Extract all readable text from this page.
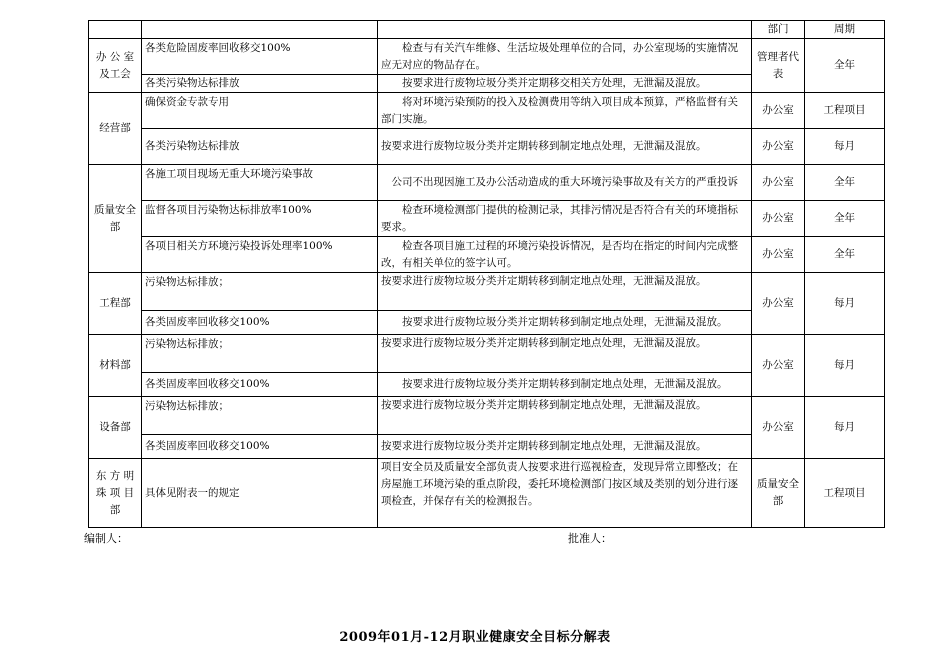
			部门	周期
办 公 室 及工会	各类危险固废率回收移交100%	检查与有关汽车维修、生活垃圾处理单位的合同，办公室现场的实施情况应无对应的物品存在。	管理者代表	全年
	各类污染物达标排放	按要求进行废物垃圾分类并定期移交相关方处理，无泄漏及混放。		
经营部	确保资金专款专用	将对环境污染预防的投入及检测费用等纳入项目成本预算，严格监督有关部门实施。	办公室	工程项目
	各类污染物达标排放	按要求进行废物垃圾分类并定期转移到制定地点处理，无泄漏及混放。	办公室	每月
质量安全部	各施工项目现场无重大环境污染事故	公司不出现因施工及办公活动造成的重大环境污染事故及有关方的严重投诉	办公室	全年
	监督各项目污染物达标排放率100%	检查环境检测部门提供的检测记录，其排污情况是否符合有关的环境指标要求。	办公室	全年
	各项目相关方环境污染投诉处理率100%	检查各项目施工过程的环境污染投诉情况，是否均在指定的时间内完成整改，有相关单位的签字认可。	办公室	全年
工程部	污染物达标排放；	按要求进行废物垃圾分类并定期转移到制定地点处理，无泄漏及混放。	办公室	每月
	各类固废率回收移交100%	按要求进行废物垃圾分类并定期转移到制定地点处理，无泄漏及混放。		
材料部	污染物达标排放；	按要求进行废物垃圾分类并定期转移到制定地点处理，无泄漏及混放。	办公室	每月
	各类固废率回收移交100%	按要求进行废物垃圾分类并定期转移到制定地点处理，无泄漏及混放。		
设备部	污染物达标排放；	按要求进行废物垃圾分类并定期转移到制定地点处理，无泄漏及混放。	办公室	每月
	各类固废率回收移交100%	按要求进行废物垃圾分类并定期转移到制定地点处理，无泄漏及混放。		
东 方 明 珠 项 目 部	具体见附表一的规定	项目安全员及质量安全部负责人按要求进行巡视检查，发现异常立即整改；在房屋施工环境污染的重点阶段，委托环境检测部门按区域及类别的划分进行逐项检查，并保存有关的检测报告。	质量安全部	工程项目
编制人：	批准人：
2009年01月-12月职业健康安全目标分解表
